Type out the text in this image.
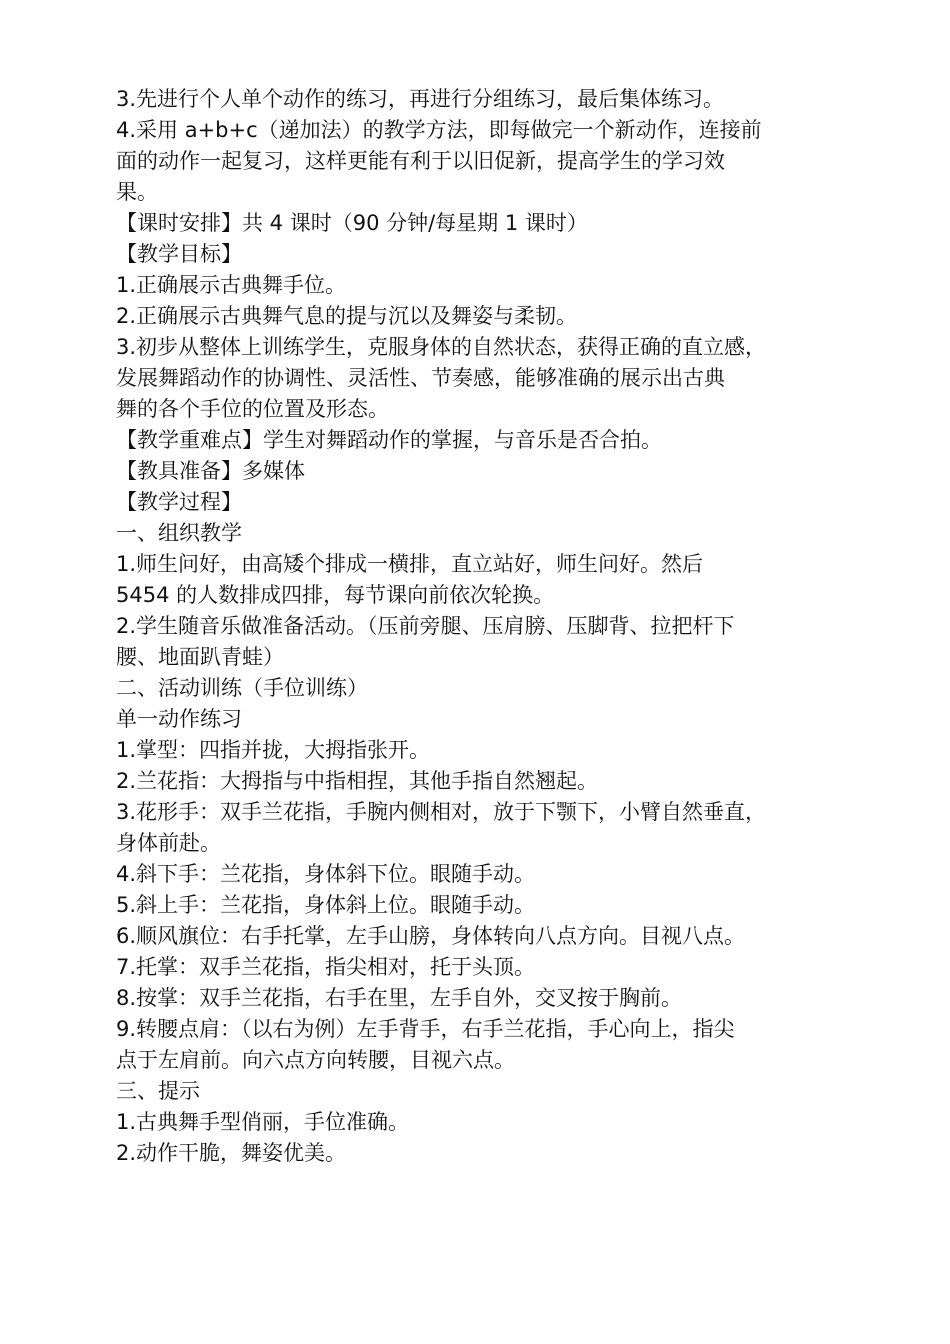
3.先进行个人单个动作的练习，再进行分组练习，最后集体练习。
4.采用 a+b+c（递加法）的教学方法，即每做完一个新动作，连接前
面的动作一起复习，这样更能有利于以旧促新，提高学生的学习效
果。
【课时安排】共 4 课时（90 分钟/每星期 1 课时）
【教学目标】
1.正确展示古典舞手位。
2.正确展示古典舞气息的提与沉以及舞姿与柔韧。
3.初步从整体上训练学生，克服身体的自然状态，获得正确的直立感，
发展舞蹈动作的协调性、灵活性、节奏感，能够准确的展示出古典
舞的各个手位的位置及形态。
【教学重难点】学生对舞蹈动作的掌握，与音乐是否合拍。
【教具准备】多媒体
【教学过程】
一、组织教学
1.师生问好，由高矮个排成一横排，直立站好，师生问好。然后
5454 的人数排成四排，每节课向前依次轮换。
2.学生随音乐做准备活动。（压前旁腿、压肩膀、压脚背、拉把杆下
腰、地面趴青蛙）
二、活动训练（手位训练）
单一动作练习
1.掌型：四指并拢，大拇指张开。
2.兰花指：大拇指与中指相捏，其他手指自然翘起。
3.花形手：双手兰花指，手腕内侧相对，放于下颚下，小臂自然垂直，
身体前赴。
4.斜下手：兰花指，身体斜下位。眼随手动。
5.斜上手：兰花指，身体斜上位。眼随手动。
6.顺风旗位：右手托掌，左手山膀，身体转向八点方向。目视八点。
7.托掌：双手兰花指，指尖相对，托于头顶。
8.按掌：双手兰花指，右手在里，左手自外，交叉按于胸前。
9.转腰点肩：（以右为例）左手背手，右手兰花指，手心向上，指尖
点于左肩前。向六点方向转腰，目视六点。
三、提示
1.古典舞手型俏丽，手位准确。
2.动作干脆，舞姿优美。
